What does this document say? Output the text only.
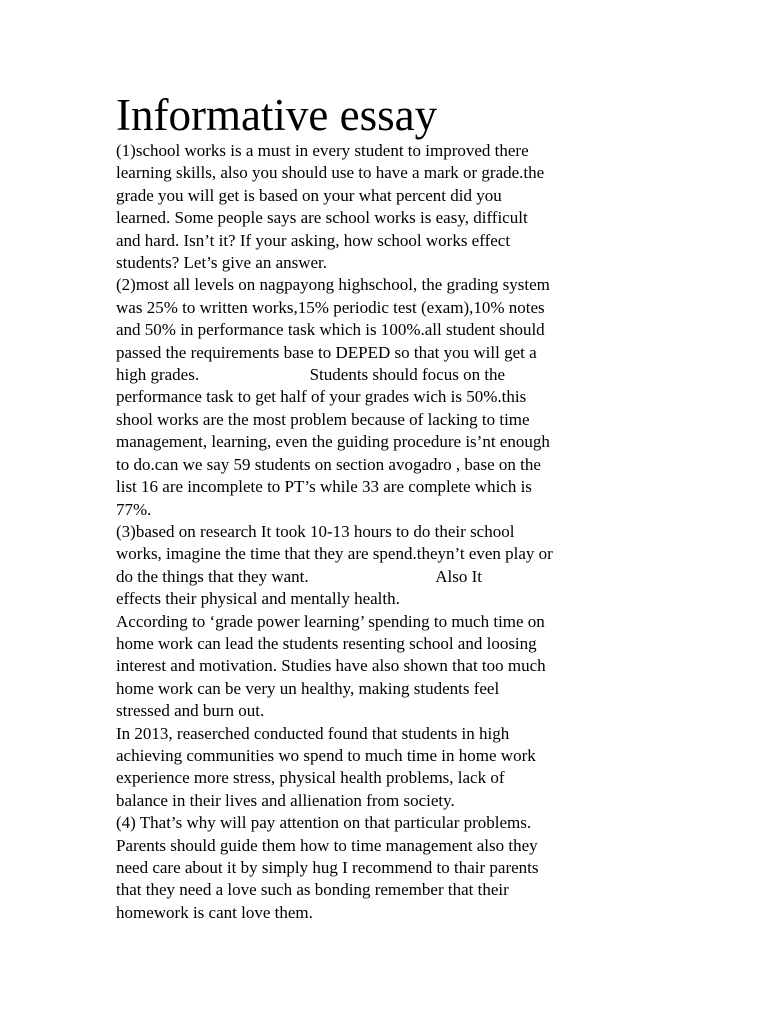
Informative essay
(1)school works is a must in every student to improved there
learning skills, also you should use to have a mark or grade.the
grade you will get is based on your what percent did you
learned. Some people says are school works is easy, difficult
and hard. Isn’t it? If your asking, how school works effect
students? Let’s give an answer.
(2)most all levels on nagpayong highschool, the grading system
was 25% to written works,15% periodic test (exam),10% notes
and 50% in performance task which is 100%.all student should
passed the requirements base to DEPED so that you will get a
high grades.                          Students should focus on the
performance task to get half of your grades wich is 50%.this
shool works are the most problem because of lacking to time
management, learning, even the guiding procedure is’nt enough
to do.can we say 59 students on section avogadro , base on the
list 16 are incomplete to PT’s while 33 are complete which is
77%.
(3)based on research It took 10-13 hours to do their school
works, imagine the time that they are spend.theyn’t even play or
do the things that they want.                              Also It
effects their physical and mentally health.
According to ‘grade power learning’ spending to much time on
home work can lead the students resenting school and loosing
interest and motivation. Studies have also shown that too much
home work can be very un healthy, making students feel
stressed and burn out.
In 2013, reaserched conducted found that students in high
achieving communities wo spend to much time in home work
experience more stress, physical health problems, lack of
balance in their lives and allienation from society.
(4) That’s why will pay attention on that particular problems.
Parents should guide them how to time management also they
need care about it by simply hug I recommend to thair parents
that they need a love such as bonding remember that their
homework is cant love them.
